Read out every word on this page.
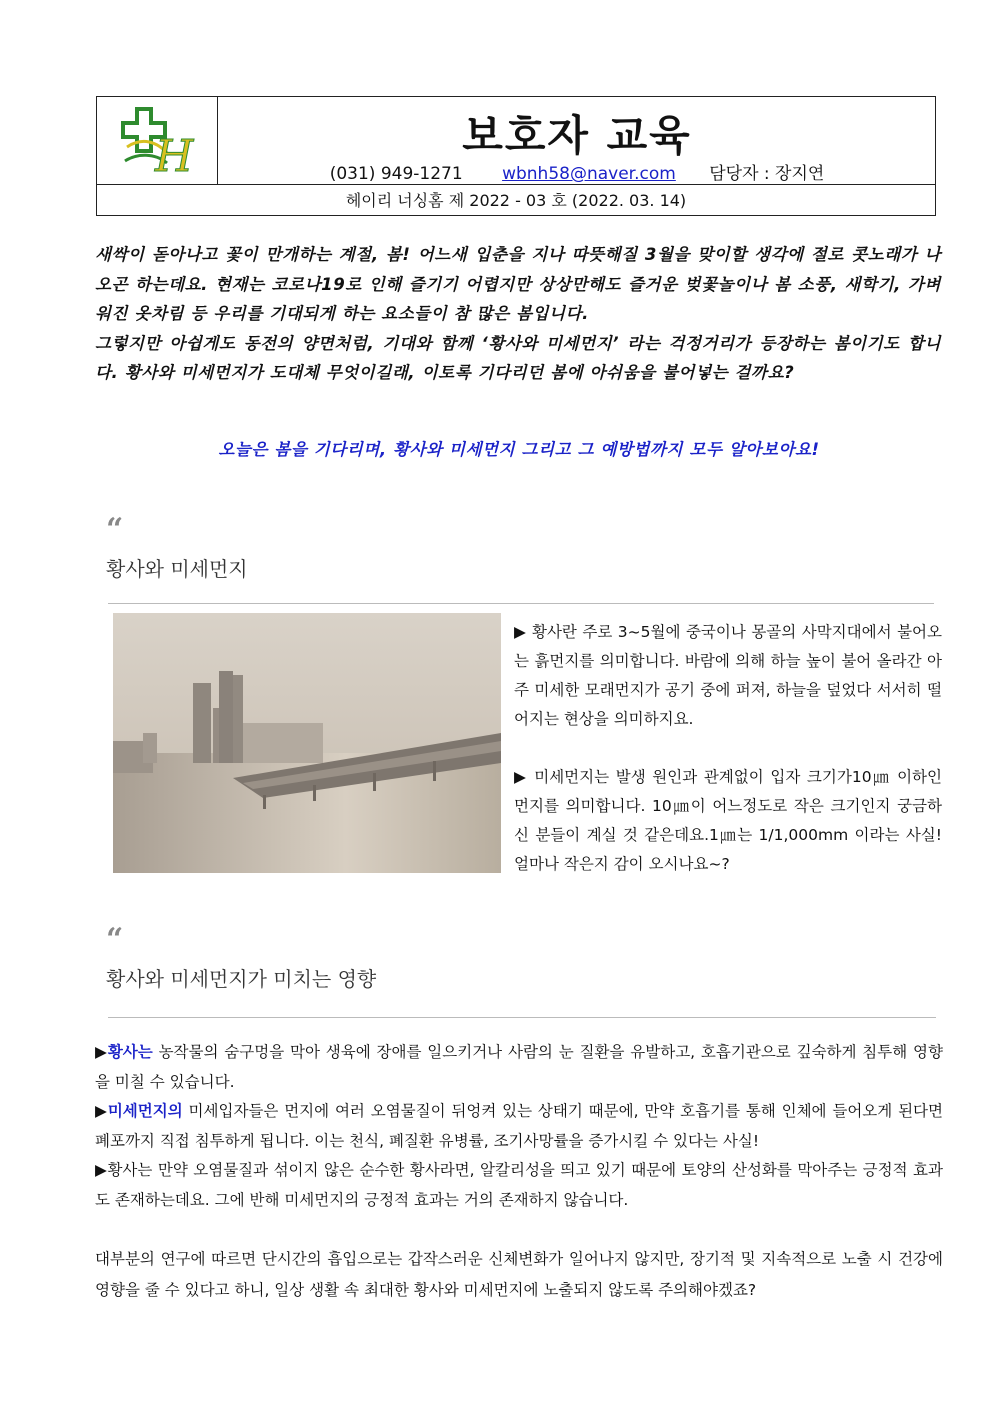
H	보호자 교육
(031) 949-1271 wbnh58@naver.com 담당자 : 장지연
헤이리 너싱홈 제 2022 - 03 호 (2022. 03. 14)

새싹이 돋아나고 꽃이 만개하는 계절, 봄! 어느새 입춘을 지나 따뜻해질 3월을 맞이할 생각에 절로 콧노래가 나오곤 하는데요. 현재는 코로나19로 인해 즐기기 어렵지만 상상만해도 즐거운 벚꽃놀이나 봄 소풍, 새학기, 가벼워진 옷차림 등 우리를 기대되게 하는 요소들이 참 많은 봄입니다.

그렇지만 아쉽게도 동전의 양면처럼, 기대와 함께 ‘황사와 미세먼지’ 라는 걱정거리가 등장하는 봄이기도 합니다. 황사와 미세먼지가 도대체 무엇이길래, 이토록 기다리던 봄에 아쉬움을 불어넣는 걸까요?

오늘은 봄을 기다리며, 황사와 미세먼지 그리고 그 예방법까지 모두 알아보아요!
“
황사와 미세먼지

▶ 황사란 주로 3~5월에 중국이나 몽골의 사막지대에서 불어오는 흙먼지를 의미합니다. 바람에 의해 하늘 높이 불어 올라간 아주 미세한 모래먼지가 공기 중에 퍼져, 하늘을 덮었다 서서히 떨어지는 현상을 의미하지요.

▶ 미세먼지는 발생 원인과 관계없이 입자 크기가10㎛ 이하인 먼지를 의미합니다. 10㎛이 어느정도로 작은 크기인지 궁금하신 분들이 계실 것 같은데요.1㎛는 1/1,000mm 이라는 사실! 얼마나 작은지 감이 오시나요~?

“
황사와 미세먼지가 미치는 영향

▶황사는 농작물의 숨구멍을 막아 생육에 장애를 일으키거나 사람의 눈 질환을 유발하고, 호흡기관으로 깊숙하게 침투해 영향을 미칠 수 있습니다.

▶미세먼지의 미세입자들은 먼지에 여러 오염물질이 뒤엉켜 있는 상태기 때문에, 만약 호흡기를 통해 인체에 들어오게 된다면 폐포까지 직접 침투하게 됩니다. 이는 천식, 폐질환 유병률, 조기사망률을 증가시킬 수 있다는 사실!

▶황사는 만약 오염물질과 섞이지 않은 순수한 황사라면, 알칼리성을 띄고 있기 때문에 토양의 산성화를 막아주는 긍정적 효과도 존재하는데요. 그에 반해 미세먼지의 긍정적 효과는 거의 존재하지 않습니다.

대부분의 연구에 따르면 단시간의 흡입으로는 갑작스러운 신체변화가 일어나지 않지만, 장기적 및 지속적으로 노출 시 건강에 영향을 줄 수 있다고 하니, 일상 생활 속 최대한 황사와 미세먼지에 노출되지 않도록 주의해야겠죠?
